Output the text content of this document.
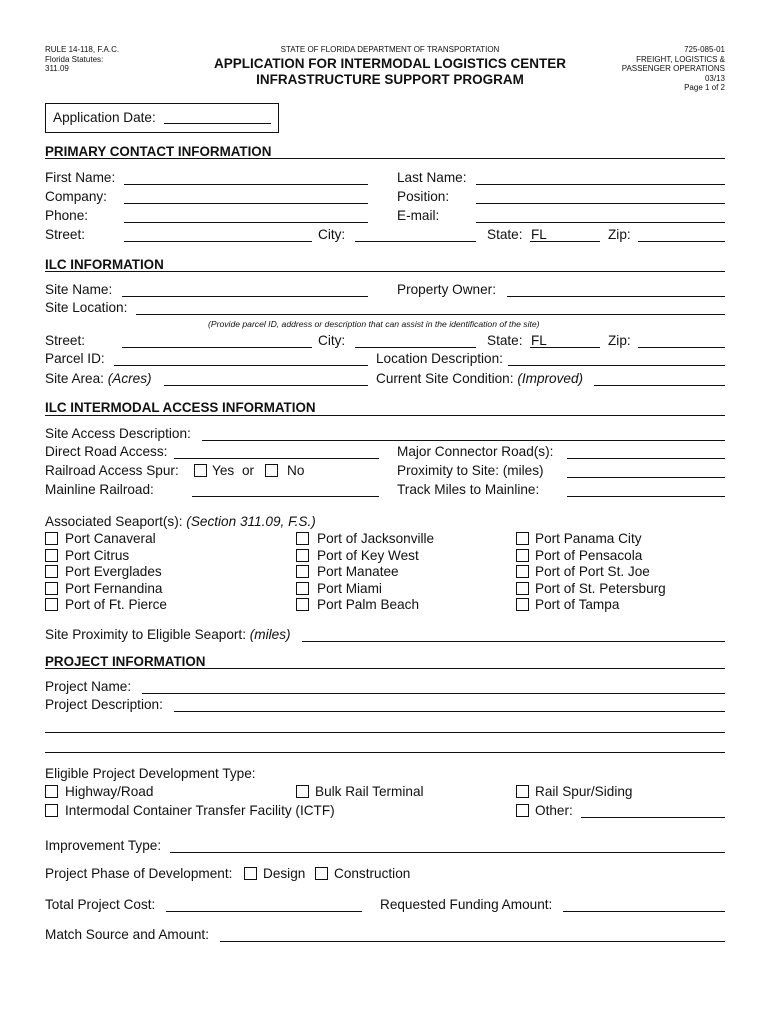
RULE 14-118, F.A.C.
Florida Statutes:
311.09
STATE OF FLORIDA DEPARTMENT OF TRANSPORTATION
APPLICATION FOR INTERMODAL LOGISTICS CENTER
INFRASTRUCTURE SUPPORT PROGRAM
725-085-01
FREIGHT, LOGISTICS &
PASSENGER OPERATIONS
03/13
Page 1 of 2
Application Date:
PRIMARY CONTACT INFORMATION
First Name:	Last Name:
Company:	Position:
Phone:	E-mail:
Street:	City:	State: FL	Zip:
ILC INFORMATION
Site Name:	Property Owner:
Site Location:
(Provide parcel ID, address or description that can assist in the identification of the site)
Street:	City:	State: FL	Zip:
Parcel ID:	Location Description:
Site Area: (Acres)	Current Site Condition: (Improved)
ILC INTERMODAL ACCESS INFORMATION
Site Access Description:
Direct Road Access:	Major Connector Road(s):
Railroad Access Spur: Yes or No	Proximity to Site: (miles)
Mainline Railroad:	Track Miles to Mainline:
Associated Seaport(s): (Section 311.09, F.S.)
Port Canaveral
Port Citrus
Port Everglades
Port Fernandina
Port of Ft. Pierce
Port of Jacksonville
Port of Key West
Port Manatee
Port Miami
Port Palm Beach
Port Panama City
Port of Pensacola
Port of Port St. Joe
Port of St. Petersburg
Port of Tampa
Site Proximity to Eligible Seaport: (miles)
PROJECT INFORMATION
Project Name:
Project Description:
Eligible Project Development Type:
Highway/Road	Bulk Rail Terminal	Rail Spur/Siding
Intermodal Container Transfer Facility (ICTF)	Other:
Improvement Type:
Project Phase of Development: Design Construction
Total Project Cost:	Requested Funding Amount:
Match Source and Amount:
